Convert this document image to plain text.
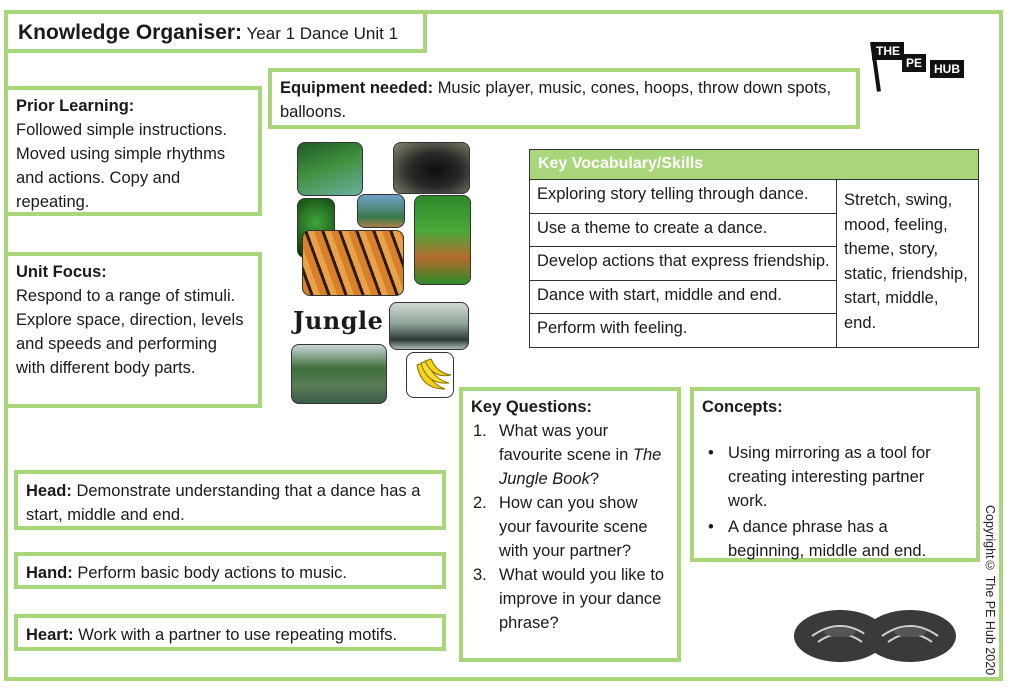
Knowledge Organiser: Year 1 Dance Unit 1
THE
PE HUB
Equipment needed: Music player, music, cones, hoops, throw down spots, balloons.
Prior Learning:
Followed simple instructions. Moved using simple rhythms and actions. Copy and repeating.
Unit Focus:
Respond to a range of stimuli. Explore space, direction, levels and speeds and performing with different body parts.
Jungle
Key Vocabulary/Skills
Exploring story telling through dance.
Use a theme to create a dance.
Develop actions that express friendship.
Dance with start, middle and end.
Perform with feeling.
Stretch, swing, mood, feeling, theme, story, static, friendship, start, middle, end.
Head: Demonstrate understanding that a dance has a start, middle and end.
Hand: Perform basic body actions to music.
Heart: Work with a partner to use repeating motifs.
Key Questions:
1. What was your favourite scene in The Jungle Book?
2. How can you show your favourite scene with your partner?
3. What would you like to improve in your dance phrase?
Concepts:
• Using mirroring as a tool for creating interesting partner work.
• A dance phrase has a beginning, middle and end.	Copyright© The PE Hub 2020
